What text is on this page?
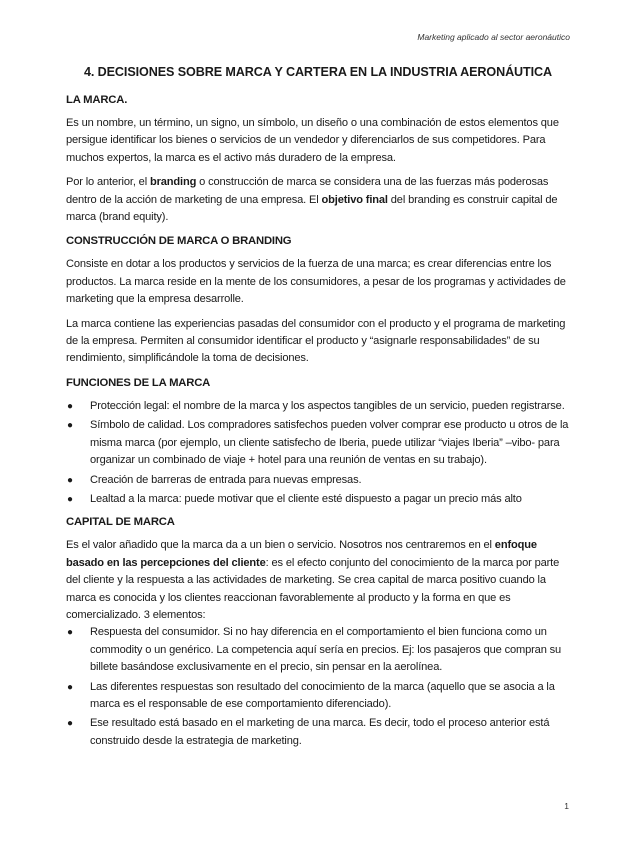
Marketing aplicado al sector aeronáutico
4. DECISIONES SOBRE MARCA Y CARTERA EN LA INDUSTRIA AERONÁUTICA
LA MARCA.

Es un nombre, un término, un signo, un símbolo, un diseño o una combinación de estos elementos que persigue identificar los bienes o servicios de un vendedor y diferenciarlos de sus competidores. Para muchos expertos, la marca es el activo más duradero de la empresa.

Por lo anterior, el branding o construcción de marca se considera una de las fuerzas más poderosas dentro de la acción de marketing de una empresa. El objetivo final del branding es construir capital de marca (brand equity).

CONSTRUCCIÓN DE MARCA O BRANDING

Consiste en dotar a los productos y servicios de la fuerza de una marca; es crear diferencias entre los productos. La marca reside en la mente de los consumidores, a pesar de los programas y actividades de marketing que la empresa desarrolle.

La marca contiene las experiencias pasadas del consumidor con el producto y el programa de marketing de la empresa. Permiten al consumidor identificar el producto y “asignarle responsabilidades” de su rendimiento, simplificándole la toma de decisiones.

FUNCIONES DE LA MARCA
● Protección legal: el nombre de la marca y los aspectos tangibles de un servicio, pueden registrarse.
● Símbolo de calidad. Los compradores satisfechos pueden volver comprar ese producto u otros de la misma marca (por ejemplo, un cliente satisfecho de Iberia, puede utilizar “viajes Iberia” –vibo- para organizar un combinado de viaje + hotel para una reunión de ventas en su trabajo).
● Creación de barreras de entrada para nuevas empresas.
● Lealtad a la marca: puede motivar que el cliente esté dispuesto a pagar un precio más alto
CAPITAL DE MARCA

Es el valor añadido que la marca da a un bien o servicio. Nosotros nos centraremos en el enfoque basado en las percepciones del cliente: es el efecto conjunto del conocimiento de la marca por parte del cliente y la respuesta a las actividades de marketing. Se crea capital de marca positivo cuando la marca es conocida y los clientes reaccionan favorablemente al producto y la forma en que es comercializado. 3 elementos:

● Respuesta del consumidor. Si no hay diferencia en el comportamiento el bien funciona como un commodity o un genérico. La competencia aquí sería en precios. Ej: los pasajeros que compran su billete basándose exclusivamente en el precio, sin pensar en la aerolínea.
● Las diferentes respuestas son resultado del conocimiento de la marca (aquello que se asocia a la marca es el responsable de ese comportamiento diferenciado).
● Ese resultado está basado en el marketing de una marca. Es decir, todo el proceso anterior está construido desde la estrategia de marketing.
1
